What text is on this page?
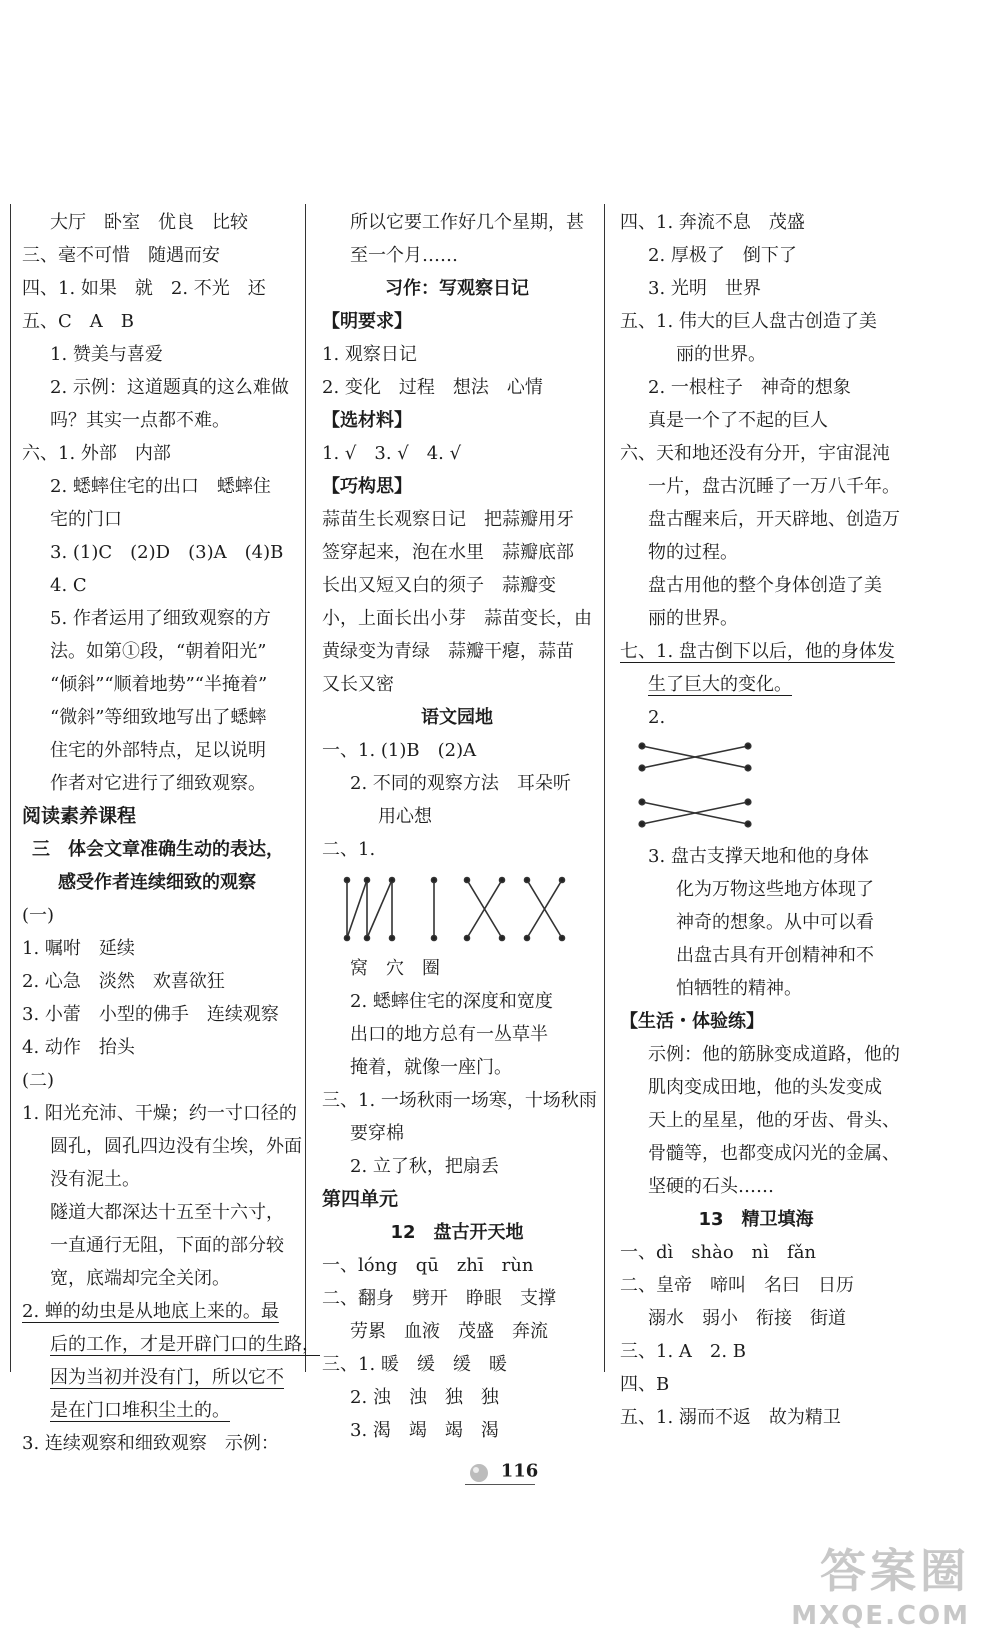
大厅　卧室　优良　比较
三、毫不可惜　随遇而安
四、1. 如果　就　2. 不光　还
五、C　A　B
1. 赞美与喜爱
2. 示例：这道题真的这么难做
吗？其实一点都不难。
六、1. 外部　内部
2. 蟋蟀住宅的出口　蟋蟀住
宅的门口
3. (1)C　(2)D　(3)A　(4)B
4. C
5. 作者运用了细致观察的方
法。如第①段，“朝着阳光”
“倾斜”“顺着地势”“半掩着”
“微斜”等细致地写出了蟋蟀
住宅的外部特点，足以说明
作者对它进行了细致观察。
阅读素养课程
三　体会文章准确生动的表达，
感受作者连续细致的观察
(一)
1. 嘱咐　延续
2. 心急　淡然　欢喜欲狂
3. 小蕾　小型的佛手　连续观察
4. 动作　抬头
(二)
1. 阳光充沛、干燥；约一寸口径的
圆孔，圆孔四边没有尘埃，外面
没有泥土。
隧道大都深达十五至十六寸，
一直通行无阻，下面的部分较
宽，底端却完全关闭。
2. 蝉的幼虫是从地底上来的。最
后的工作，才是开辟门口的生路，
因为当初并没有门，所以它不
是在门口堆积尘土的。
3. 连续观察和细致观察　示例：
所以它要工作好几个星期，甚
至一个月……
习作：写观察日记
【明要求】
1. 观察日记
2. 变化　过程　想法　心情
【选材料】
1. √　3. √　4. √
【巧构思】
蒜苗生长观察日记　把蒜瓣用牙
签穿起来，泡在水里　蒜瓣底部
长出又短又白的须子　蒜瓣变
小，上面长出小芽　蒜苗变长，由
黄绿变为青绿　蒜瓣干瘪，蒜苗
又长又密
语文园地
一、1. (1)B　(2)A
2. 不同的观察方法　耳朵听
用心想
二、1.
窝　穴　圈
2. 蟋蟀住宅的深度和宽度
出口的地方总有一丛草半
掩着，就像一座门。
三、1. 一场秋雨一场寒，十场秋雨
要穿棉
2. 立了秋，把扇丢
第四单元
12　盘古开天地
一、lóng　qū　zhī　rùn
二、翻身　劈开　睁眼　支撑
劳累　血液　茂盛　奔流
三、1. 暖　缓　缓　暖
2. 浊　浊　独　独
3. 渴　竭　竭　渴
四、1. 奔流不息　茂盛
2. 厚极了　倒下了
3. 光明　世界
五、1. 伟大的巨人盘古创造了美
丽的世界。
2. 一根柱子　神奇的想象
真是一个了不起的巨人
六、天和地还没有分开，宇宙混沌
一片，盘古沉睡了一万八千年。
盘古醒来后，开天辟地、创造万
物的过程。
盘古用他的整个身体创造了美
丽的世界。
七、1. 盘古倒下以后，他的身体发
生了巨大的变化。
2.
3. 盘古支撑天地和他的身体
化为万物这些地方体现了
神奇的想象。从中可以看
出盘古具有开创精神和不
怕牺牲的精神。
【生活・体验练】
示例：他的筋脉变成道路，他的
肌肉变成田地，他的头发变成
天上的星星，他的牙齿、骨头、
骨髓等，也都变成闪光的金属、
坚硬的石头……
13　精卫填海
一、dì　shào　nì　fǎn
二、皇帝　啼叫　名曰　日历
溺水　弱小　衔接　街道
三、1. A　2. B
四、B
五、1. 溺而不返　故为精卫
116
答案圈
MXQE.COM
